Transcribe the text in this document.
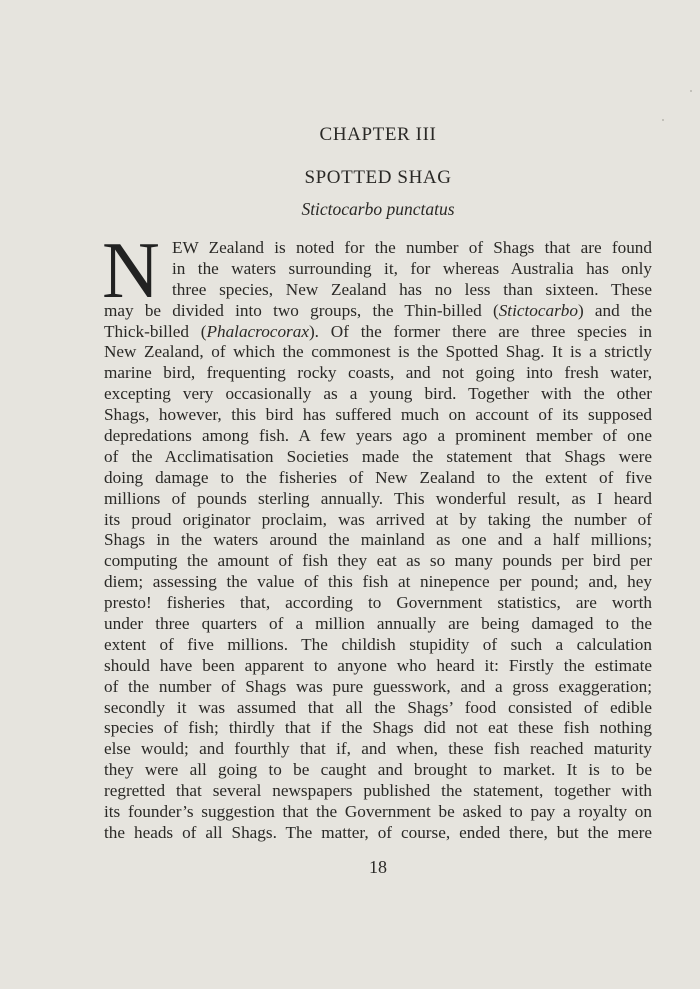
CHAPTER III
SPOTTED SHAG
Stictocarbo punctatus
N EW Zealand is noted for the number of Shags that are found
in the waters surrounding it, for whereas Australia has only
three species, New Zealand has no less than sixteen. These
may be divided into two groups, the Thin-billed (Stictocarbo) and the
Thick-billed (Phalacrocorax). Of the former there are three species in
New Zealand, of which the commonest is the Spotted Shag. It is a strictly
marine bird, frequenting rocky coasts, and not going into fresh water,
excepting very occasionally as a young bird. Together with the other
Shags, however, this bird has suffered much on account of its supposed
depredations among fish. A few years ago a prominent member of one
of the Acclimatisation Societies made the statement that Shags were
doing damage to the fisheries of New Zealand to the extent of five
millions of pounds sterling annually. This wonderful result, as I heard
its proud originator proclaim, was arrived at by taking the number of
Shags in the waters around the mainland as one and a half millions;
computing the amount of fish they eat as so many pounds per bird per
diem; assessing the value of this fish at ninepence per pound; and, hey
presto! fisheries that, according to Government statistics, are worth
under three quarters of a million annually are being damaged to the
extent of five millions. The childish stupidity of such a calculation
should have been apparent to anyone who heard it: Firstly the estimate
of the number of Shags was pure guesswork, and a gross exaggeration;
secondly it was assumed that all the Shags’ food consisted of edible
species of fish; thirdly that if the Shags did not eat these fish nothing
else would; and fourthly that if, and when, these fish reached maturity
they were all going to be caught and brought to market. It is to be
regretted that several newspapers published the statement, together with
its founder’s suggestion that the Government be asked to pay a royalty on
the heads of all Shags. The matter, of course, ended there, but the mere
18
